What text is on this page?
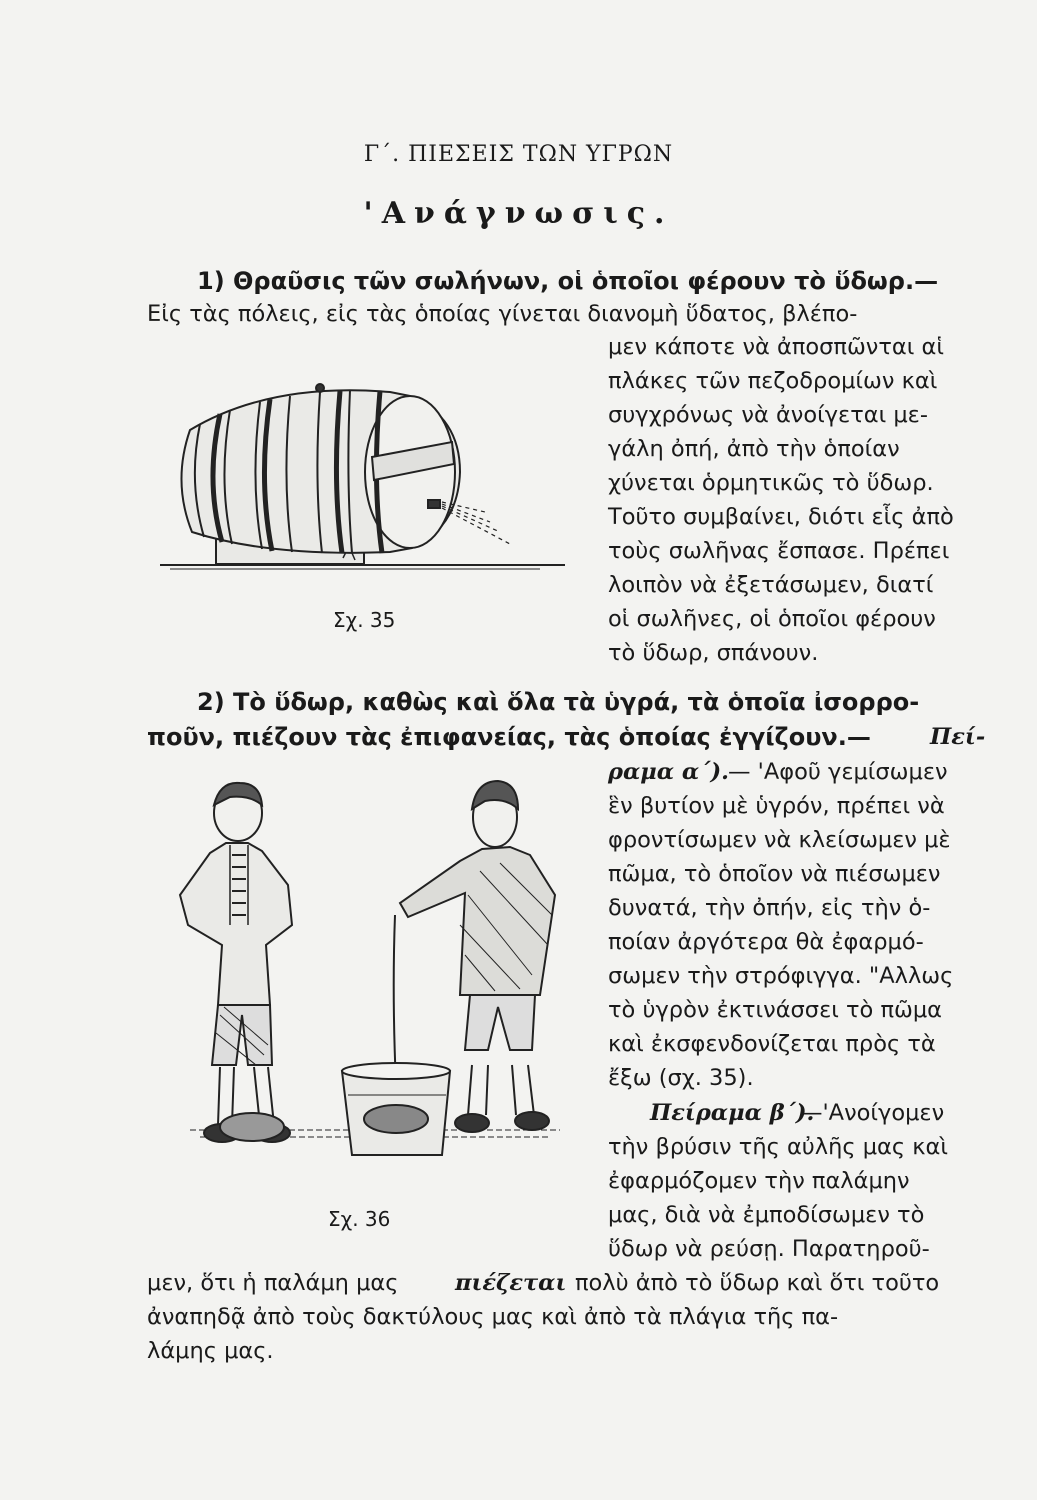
Γ΄. ΠΙΕΣΕΙΣ ΤΩΝ ΥΓΡΩΝ
'Ανάγνωσις.
1) Θραῦσις τῶν σωλήνων, οἱ ὁποῖοι φέρουν τὸ ὕδωρ.—
Εἰς τὰς πόλεις, εἰς τὰς ὁποίας γίνεται διανομὴ ὕδατος, βλέπο-
μεν κάποτε νὰ ἀποσπῶνται αἱ
πλάκες τῶν πεζοδρομίων καὶ
συγχρόνως νὰ ἀνοίγεται με-
γάλη ὀπή, ἀπὸ τὴν ὁποίαν
χύνεται ὁρμητικῶς τὸ ὕδωρ.
Τοῦτο συμβαίνει, διότι εἷς ἀπὸ
τοὺς σωλῆνας ἔσπασε. Πρέπει
λοιπὸν νὰ ἐξετάσωμεν, διατί
οἱ σωλῆνες, οἱ ὁποῖοι φέρουν
τὸ ὕδωρ, σπάνουν.
Σχ. 35
2) Τὸ ὕδωρ, καθὼς καὶ ὅλα τὰ ὑγρά, τὰ ὁποῖα ἰσορρο-
ποῦν, πιέζουν τὰς ἐπιφανείας, τὰς ὁποίας ἐγγίζουν.—	Πεί-
ραμα α΄). — 'Αφοῦ γεμίσωμεν
ἓν βυτίον μὲ ὑγρόν, πρέπει νὰ
φροντίσωμεν νὰ κλείσωμεν μὲ
πῶμα, τὸ ὁποῖον νὰ πιέσωμεν
δυνατά, τὴν ὀπήν, εἰς τὴν ὁ-
ποίαν ἀργότερα θὰ ἐφαρμό-
σωμεν τὴν στρόφιγγα. "Αλλως
τὸ ὑγρὸν ἐκτινάσσει τὸ πῶμα
καὶ ἐκσφενδονίζεται πρὸς τὰ
ἔξω (σχ. 35).
Πείραμα β΄).
—'Ανοίγομεν
τὴν βρύσιν τῆς αὐλῆς μας καὶ
ἐφαρμόζομεν τὴν παλάμην
μας, διὰ νὰ ἐμποδίσωμεν τὸ
ὕδωρ νὰ ρεύσῃ. Παρατηροῦ-
μεν, ὅτι ἡ παλάμη μας	πιέζεται πολὺ ἀπὸ τὸ ὕδωρ καὶ ὅτι τοῦτο
ἀναπηδᾷ ἀπὸ τοὺς δακτύλους μας καὶ ἀπὸ τὰ πλάγια τῆς πα-
λάμης μας.
Σχ. 36
